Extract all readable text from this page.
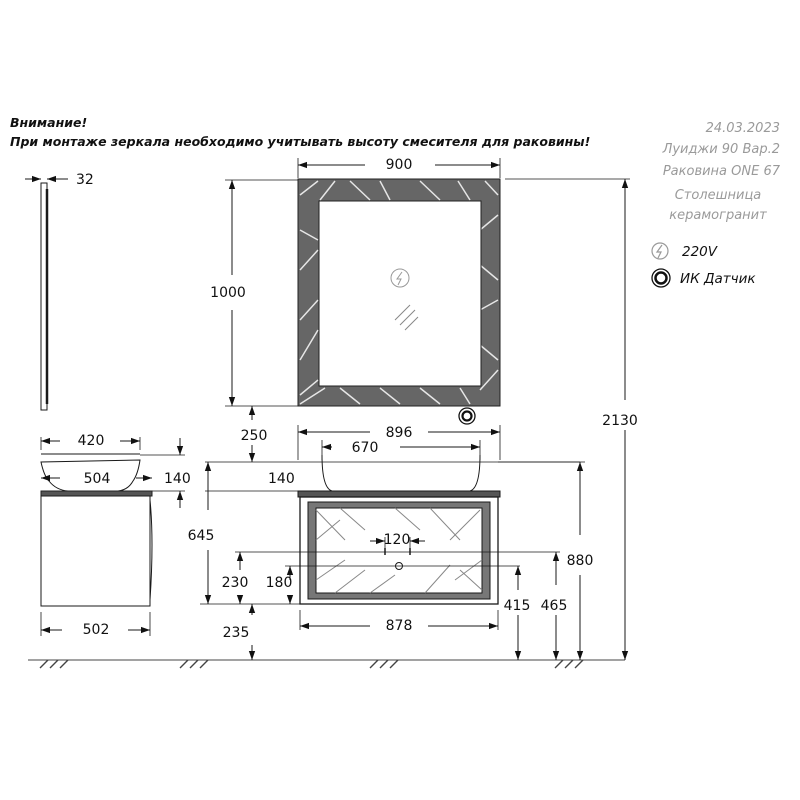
Внимание!
При монтаже зеркала необходимо учитывать высоту смесителя для раковины!
24.03.2023
Луиджи 90 Вар.2
Раковина ONE 67
Столешница
керамогранит
220V
ИК Датчик
32
420
504	140
502
900
1000
250
2130
896
670
140
645	120
880
230 180
235	878
415 465
